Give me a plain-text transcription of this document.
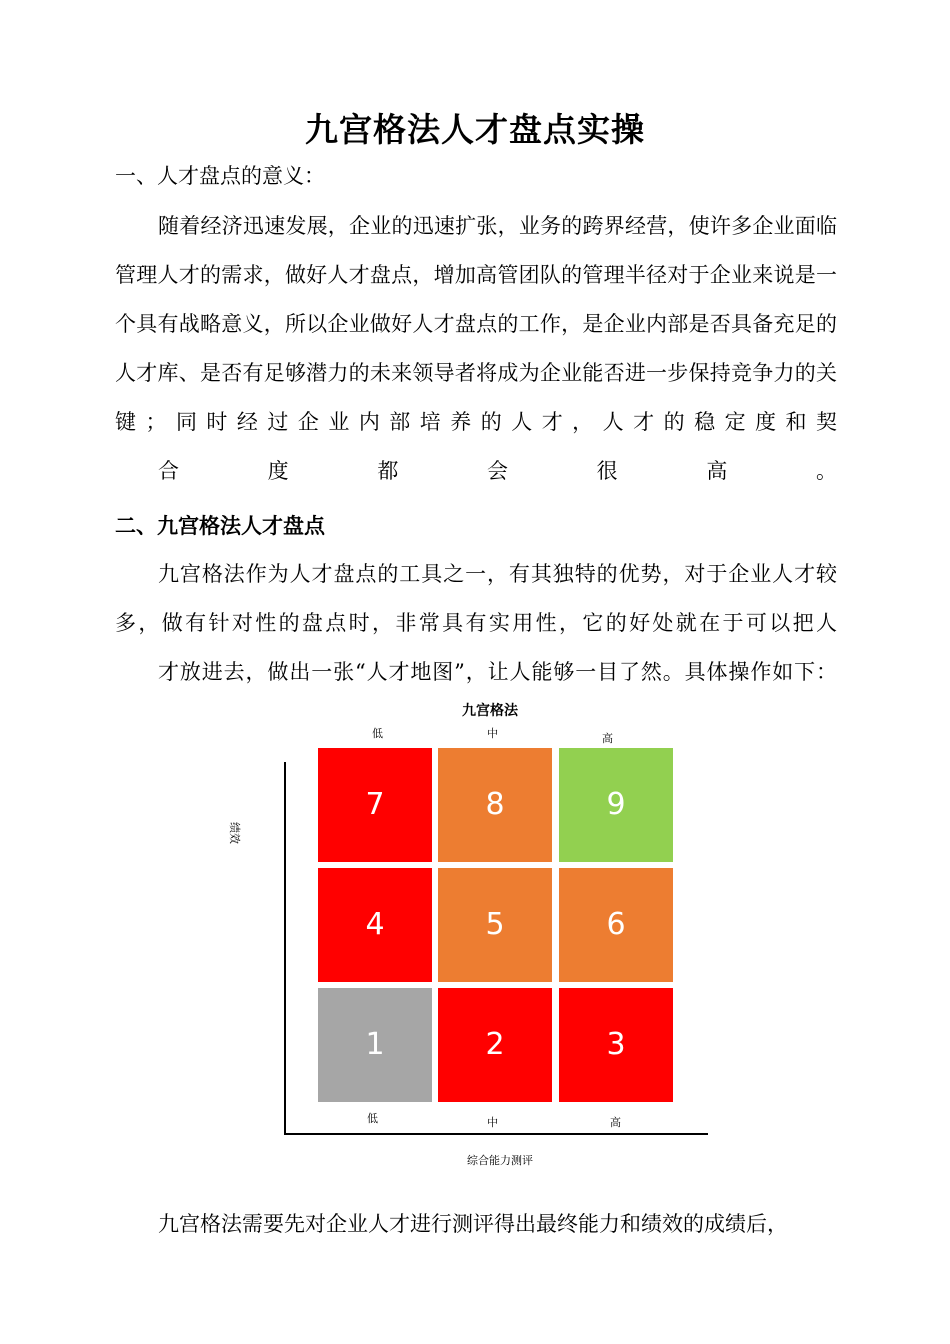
九宫格法人才盘点实操
一、人才盘点的意义：

随着经济迅速发展，企业的迅速扩张，业务的跨界经营，使许多企业面临管理人才的需求，做好人才盘点，增加高管团队的管理半径对于企业来说是一个具有战略意义，所以企业做好人才盘点的工作，是企业内部是否具备充足的人才库、是否有足够潜力的未来领导者将成为企业能否进一步保持竞争力的关键；同时经过企业内部培养的人才，人才的稳定度和契
合度都会很高。

二、九宫格法人才盘点

九宫格法作为人才盘点的工具之一，有其独特的优势，对于企业人才较多，做有针对性的盘点时，非常具有实用性，它的好处就在于可以把人
才放进去，做出一张“人才地图”，让人能够一目了然。具体操作如下：

九宫格法
低	中	高
绩效
7	8	9
4	5	6
1	2	3
低	中	高
综合能力测评

九宫格法需要先对企业人才进行测评得出最终能力和绩效的成绩后，
